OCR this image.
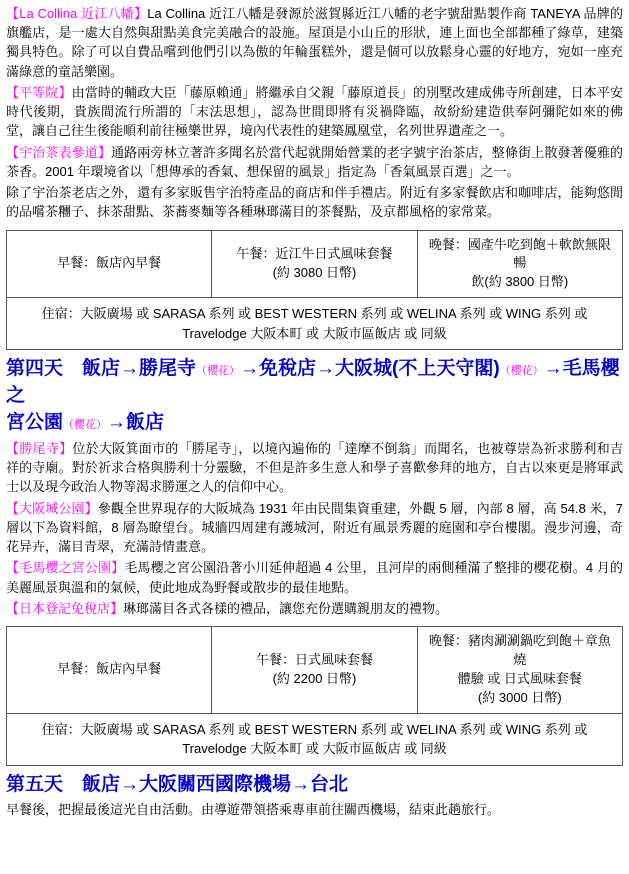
【La Collina 近江八幡】La Collina 近江八幡是發源於滋賀縣近江八幡的老字號甜點製作商 TANEYA 品牌的旗艦店，是一處大自然與甜點美食完美融合的設施。屋頂是小山丘的形狀，連上面也全部都種了綠草，建築獨具特色。除了可以自費品嚐到他們引以為傲的年輪蛋糕外，還是個可以放鬆身心靈的好地方，宛如一座充滿綠意的童話樂園。

【平等院】由當時的輔政大臣「藤原賴通」將繼承自父親「藤原道長」的別墅改建成佛寺所創建，日本平安時代後期，貴族間流行所謂的「末法思想」，認為世間即將有災禍降臨，故紛紛建造供奉阿彌陀如來的佛堂，讓自己往生後能順利前往極樂世界，境內代表性的建築鳳凰堂，名列世界遺產之一。

【宇治茶表參道】通路兩旁林立著許多聞名於當代起就開始營業的老字號宇治茶店，整條街上散發著優雅的茶香。2001 年環境省以「想傳承的香氣、想保留的風景」指定為「香氣風景百選」之一。

除了宇治茶老店之外，還有多家販售宇治特產品的商店和伴手禮店。附近有多家餐飲店和咖啡店，能夠悠閒的品嚐茶糰子、抹茶甜點、茶蕎麥麵等各種琳瑯滿目的茶餐點，及京都風格的家常菜。

早餐：飯店內早餐	
午餐：近江牛日式風味套餐
(約 3080 日幣)

晚餐：國產牛吃到飽＋軟飲無限暢
飲(約 3800 日幣)

住宿：大阪廣場 或 SARASA 系列 或 BEST WESTERN 系列 或 WELINA 系列 或 WING 系列 或
Travelodge 大阪本町 或 大阪市區飯店 或 同級
第四天　飯店→勝尾寺（櫻花）→免稅店→大阪城(不上天守閣)（櫻花）→毛馬櫻之
宮公園（櫻花）→飯店

【勝尾寺】位於大阪箕面市的「勝尾寺」，以境內遍佈的「達摩不倒翁」而聞名，也被尊崇為祈求勝利和吉祥的寺廟。對於祈求合格與勝利十分靈驗，不但是許多生意人和學子喜歡參拜的地方，自古以來更是將軍武士以及現今政治人物等渴求勝運之人的信仰中心。

【大阪城公園】參觀全世界現存的大阪城為 1931 年由民間集資重建，外觀 5 層，內部 8 層，高 54.8 米，7 層以下為資料館，8 層為瞭望台。城牆四周建有護城河，附近有風景秀麗的庭園和亭台樓閣。漫步河邊，奇花异卉，滿目青翠，充滿詩情畫意。

【毛馬櫻之宮公園】毛馬櫻之宮公園沿著小川延伸超過 4 公里，且河岸的兩側種滿了整排的櫻花樹。4 月的美麗風景與溫和的氣候，使此地成為野餐或散步的最佳地點。

【日本登記免稅店】琳瑯滿目各式各樣的禮品，讓您充份選購親朋友的禮物。

早餐：飯店內早餐	
午餐：日式風味套餐
(約 2200 日幣)

晚餐：豬肉涮涮鍋吃到飽＋章魚燒
體驗 或 日式風味套餐
(約 3000 日幣)

住宿：大阪廣場 或 SARASA 系列 或 BEST WESTERN 系列 或 WELINA 系列 或 WING 系列 或
Travelodge 大阪本町 或 大阪市區飯店 或 同級
第五天　飯店→大阪關西國際機場→台北

早餐後，把握最後這光自由活動。由導遊帶領搭乘專車前往關西機場，結束此趟旅行。
